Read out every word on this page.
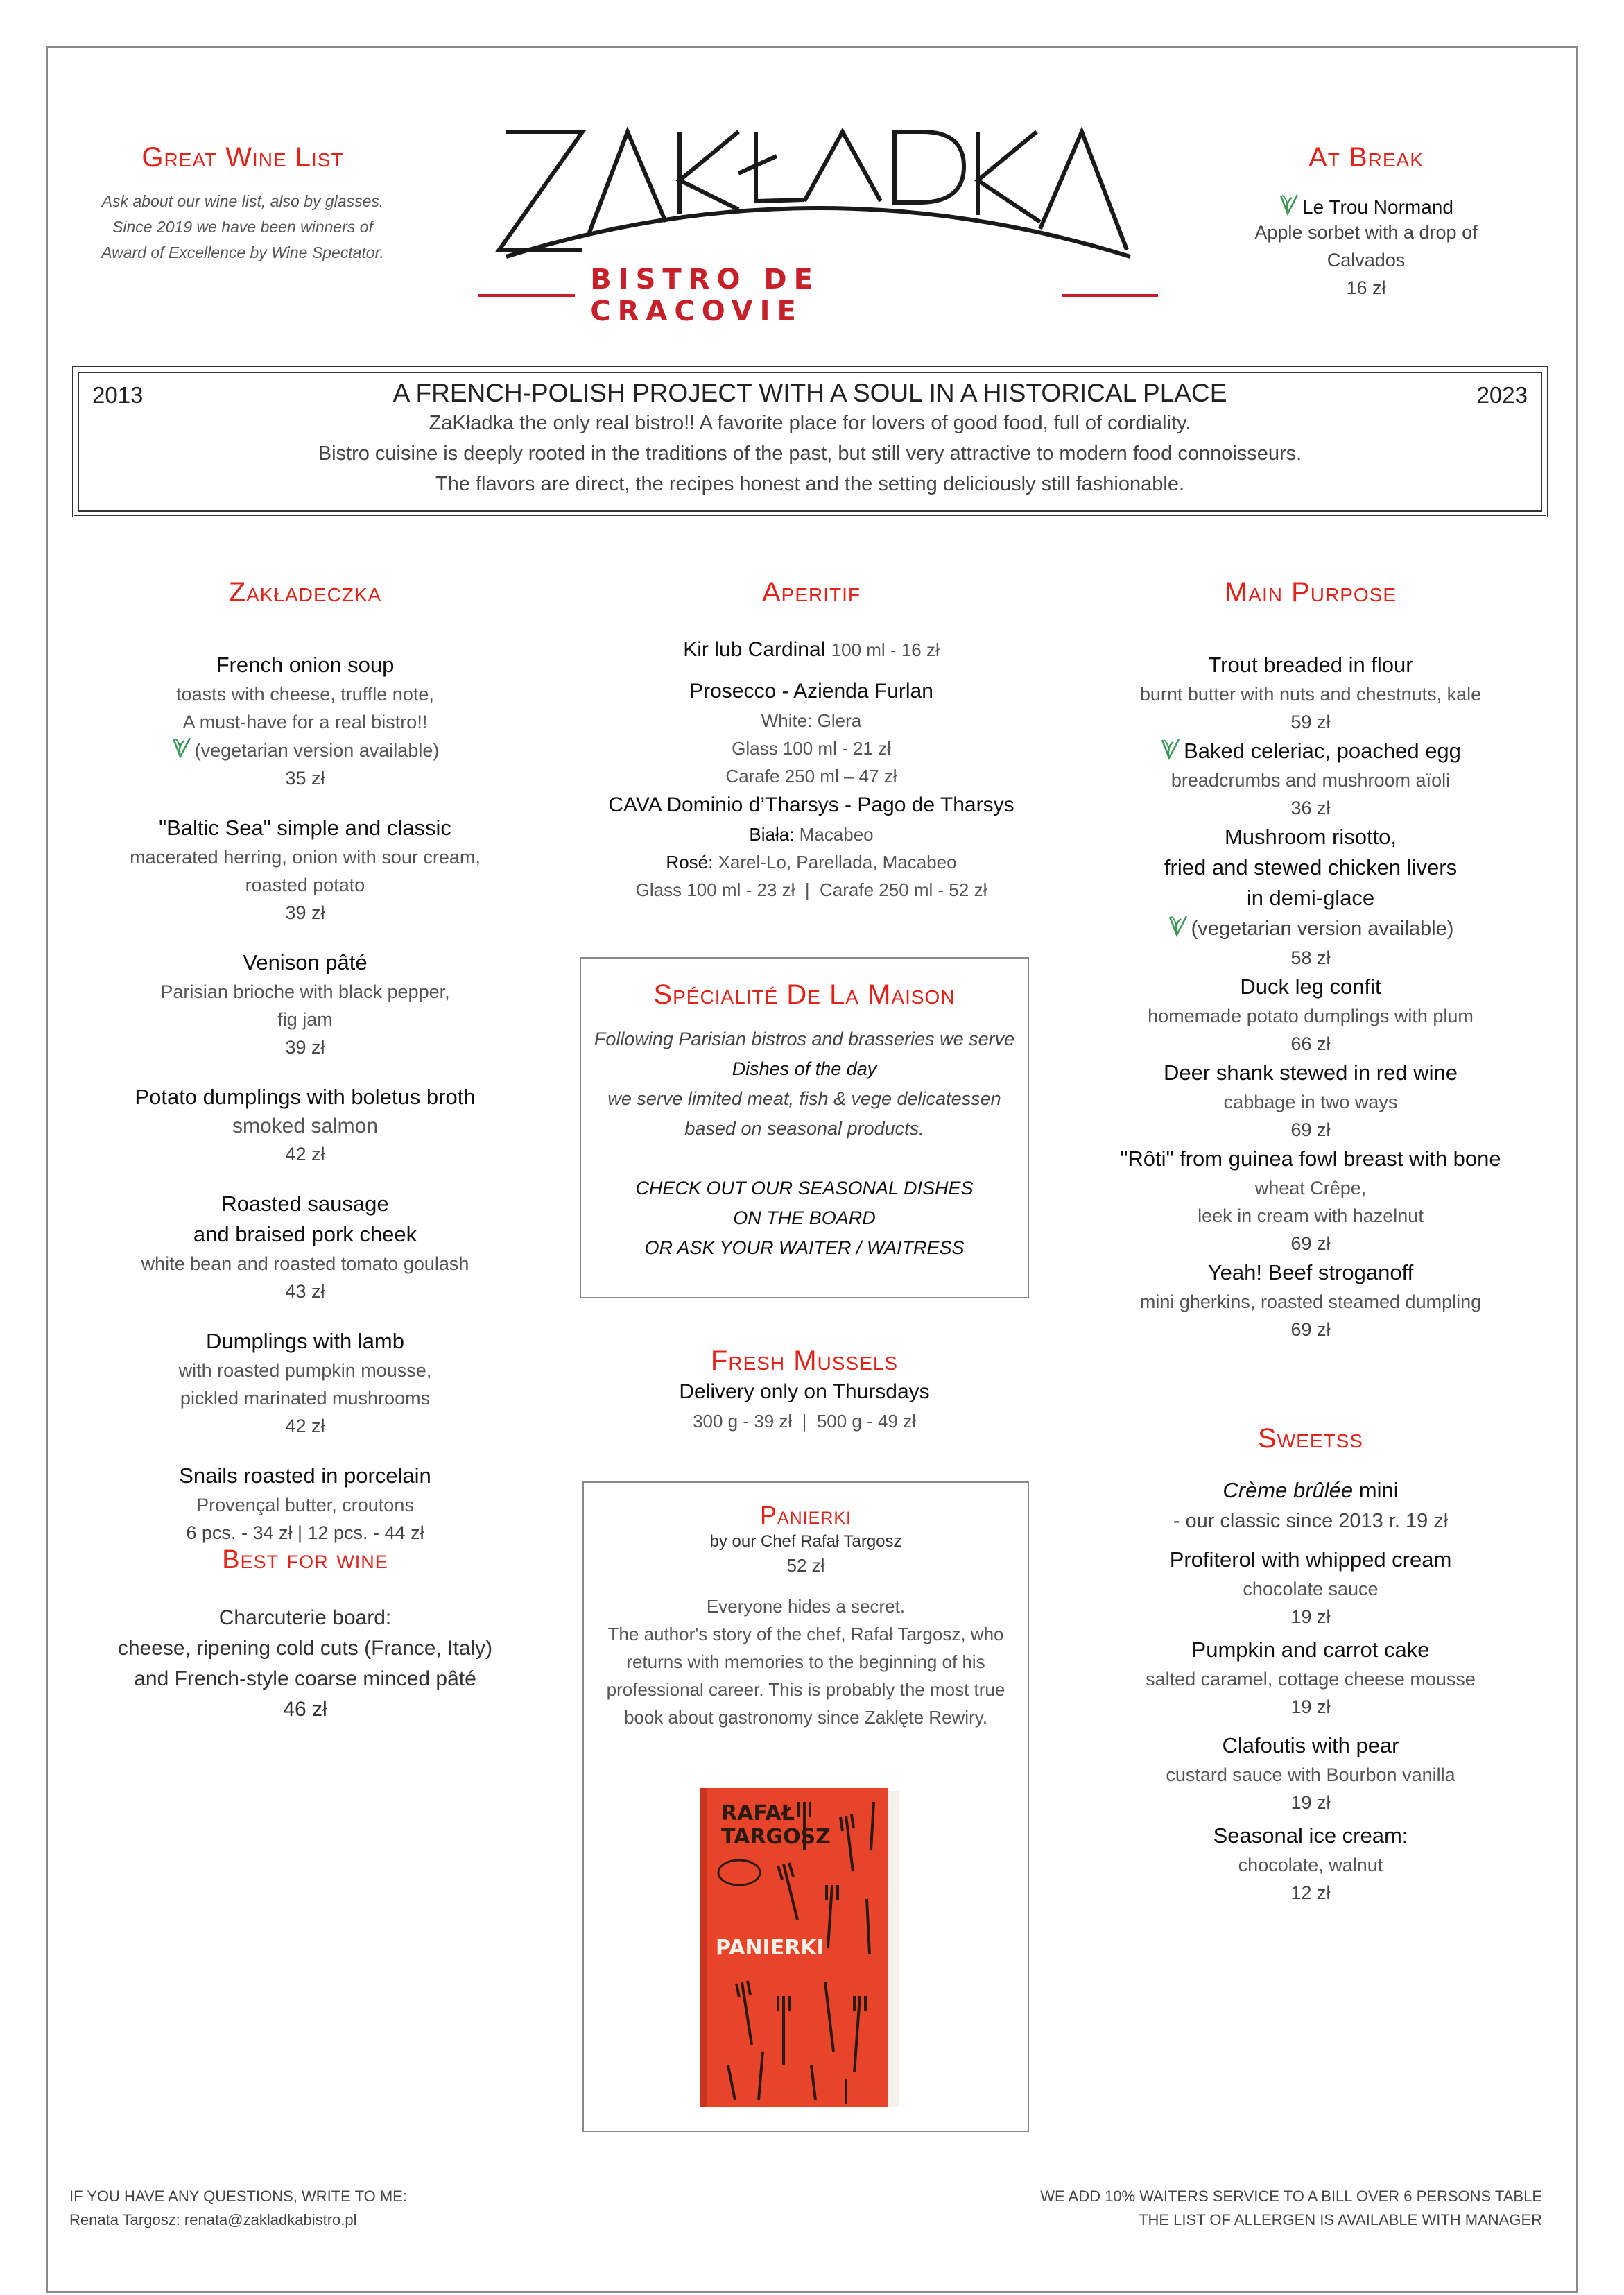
Great Wine List

Ask about our wine list, also by glasses.
Since 2019 we have been winners of
Award of Excellence by Wine Spectator.

BISTRO DE CRACOVIE
At Break
Le Trou Normand
Apple sorbet with a drop of Calvados
16 zł
2013	2023
A FRENCH-POLISH PROJECT WITH A SOUL IN A HISTORICAL PLACE

ZaKładka the only real bistro!! A favorite place for lovers of good food, full of cordiality.

Bistro cuisine is deeply rooted in the traditions of the past, but still very attractive to modern food connoisseurs.

The flavors are direct, the recipes honest and the setting deliciously still fashionable.

Zakładeczka
French onion soup
toasts with cheese, truffle note,
A must-have for a real bistro!!
(vegetarian version available)
35 zł
"Baltic Sea" simple and classic
macerated herring, onion with sour cream,
roasted potato
39 zł
Venison pâté
Parisian brioche with black pepper,
fig jam
39 zł
Potato dumplings with boletus broth
smoked salmon
42 zł
Roasted sausage
and braised pork cheek
white bean and roasted tomato goulash
43 zł
Dumplings with lamb
with roasted pumpkin mousse,
pickled marinated mushrooms
42 zł
Snails roasted in porcelain
Provençal butter, croutons
6 pcs. - 34 zł | 12 pcs. - 44 zł
Best for wine

Charcuterie board:

cheese, ripening cold cuts (France, Italy)

and French-style coarse minced pâté

46 zł

Aperitif
Kir lub Cardinal 100 ml - 16 zł
Prosecco - Azienda Furlan
White: Glera
Glass 100 ml - 21 zł
Carafe 250 ml – 47 zł
CAVA Dominio d’Tharsys - Pago de Tharsys
Biała: Macabeo
Rosé: Xarel-Lo, Parellada, Macabeo
Glass 100 ml - 23 zł  |  Carafe 250 ml - 52 zł
Spécialité De La Maison

Following Parisian bistros and brasseries we serve

Dishes of the day

we serve limited meat, fish & vege delicatessen

based on seasonal products.

CHECK OUT OUR SEASONAL DISHES

ON THE BOARD

OR ASK YOUR WAITER / WAITRESS

Fresh Mussels
Delivery only on Thursdays
300 g - 39 zł  |  500 g - 49 zł
Panierki
by our Chef Rafał Targosz
52 zł
Everyone hides a secret.
The author's story of the chef, Rafał Targosz, who
returns with memories to the beginning of his
professional career. This is probably the most true
book about gastronomy since Zaklęte Rewiry.
RAFAŁ
TARGOSZ
PANIERKI
Main Purpose
Trout breaded in flour
burnt butter with nuts and chestnuts, kale
59 zł
Baked celeriac, poached egg
breadcrumbs and mushroom aïoli
36 zł
Mushroom risotto,
fried and stewed chicken livers
in demi-glace
(vegetarian version available)
58 zł
Duck leg confit
homemade potato dumplings with plum
66 zł
Deer shank stewed in red wine
cabbage in two ways
69 zł
"Rôti" from guinea fowl breast with bone
wheat Crêpe,
leek in cream with hazelnut
69 zł
Yeah! Beef stroganoff
mini gherkins, roasted steamed dumpling
69 zł
Sweetss
Crème brûlée mini
- our classic since 2013 r. 19 zł
Profiterol with whipped cream
chocolate sauce
19 zł
Pumpkin and carrot cake
salted caramel, cottage cheese mousse
19 zł
Clafoutis with pear
custard sauce with Bourbon vanilla
19 zł
Seasonal ice cream:
chocolate, walnut
12 zł
IF YOU HAVE ANY QUESTIONS, WRITE TO ME:
Renata Targosz: renata@zakladkabistro.pl
WE ADD 10% WAITERS SERVICE TO A BILL OVER 6 PERSONS TABLE
THE LIST OF ALLERGEN IS AVAILABLE WITH MANAGER
